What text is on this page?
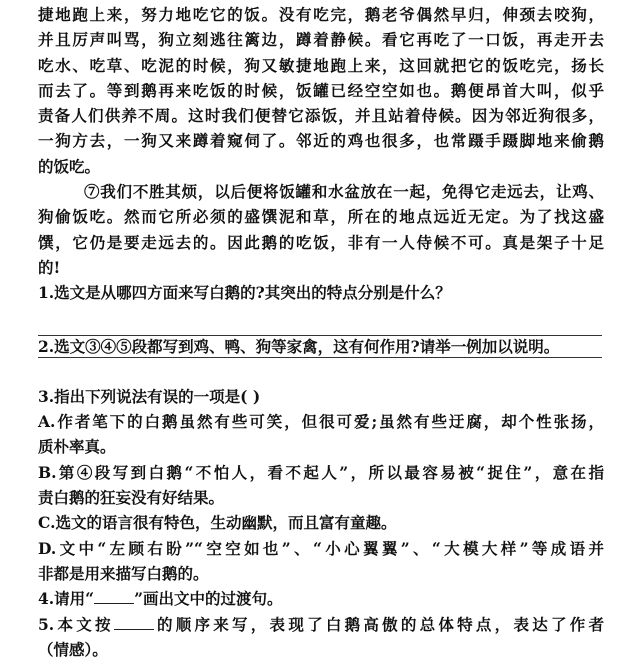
捷地跑上来，努力地吃它的饭。没有吃完，鹅老爷偶然早归，伸颈去咬狗，
并且厉声叫骂，狗立刻逃往篱边，蹲着静候。看它再吃了一口饭，再走开去
吃水、吃草、吃泥的时候，狗又敏捷地跑上来，这回就把它的饭吃完，扬长
而去了。等到鹅再来吃饭的时候，饭罐已经空空如也。鹅便昂首大叫，似乎
责备人们供养不周。这时我们便替它添饭，并且站着侍候。因为邻近狗很多，
一狗方去，一狗又来蹲着窥伺了。邻近的鸡也很多，也常蹑手蹑脚地来偷鹅
的饭吃。
⑦我们不胜其烦，以后便将饭罐和水盆放在一起，免得它走远去，让鸡、
狗偷饭吃。然而它所必须的盛馔泥和草，所在的地点远近无定。为了找这盛
馔，它仍是要走远去的。因此鹅的吃饭，非有一人侍候不可。真是架子十足
的!
1.选文是从哪四方面来写白鹅的?其突出的特点分别是什么？
2.选文③④⑤段都写到鸡、鸭、狗等家禽，这有何作用?请举一例加以说明。
3.指出下列说法有误的一项是( )
A.作者笔下的白鹅虽然有些可笑，但很可爱;虽然有些迂腐，却个性张扬，
质朴率真。
B.第④段写到白鹅“不怕人，看不起人”，所以最容易被“捉住”，意在指
责白鹅的狂妄没有好结果。
C.选文的语言很有特色，生动幽默，而且富有童趣。
D.文中“左顾右盼”“空空如也”、“小心翼翼”、“大模大样”等成语并
非都是用来描写白鹅的。
4.请用“	”画出文中的过渡句。
5.本文按	的顺序来写，表现了白鹅高傲的总体特点，表达了作者
（情感）。
